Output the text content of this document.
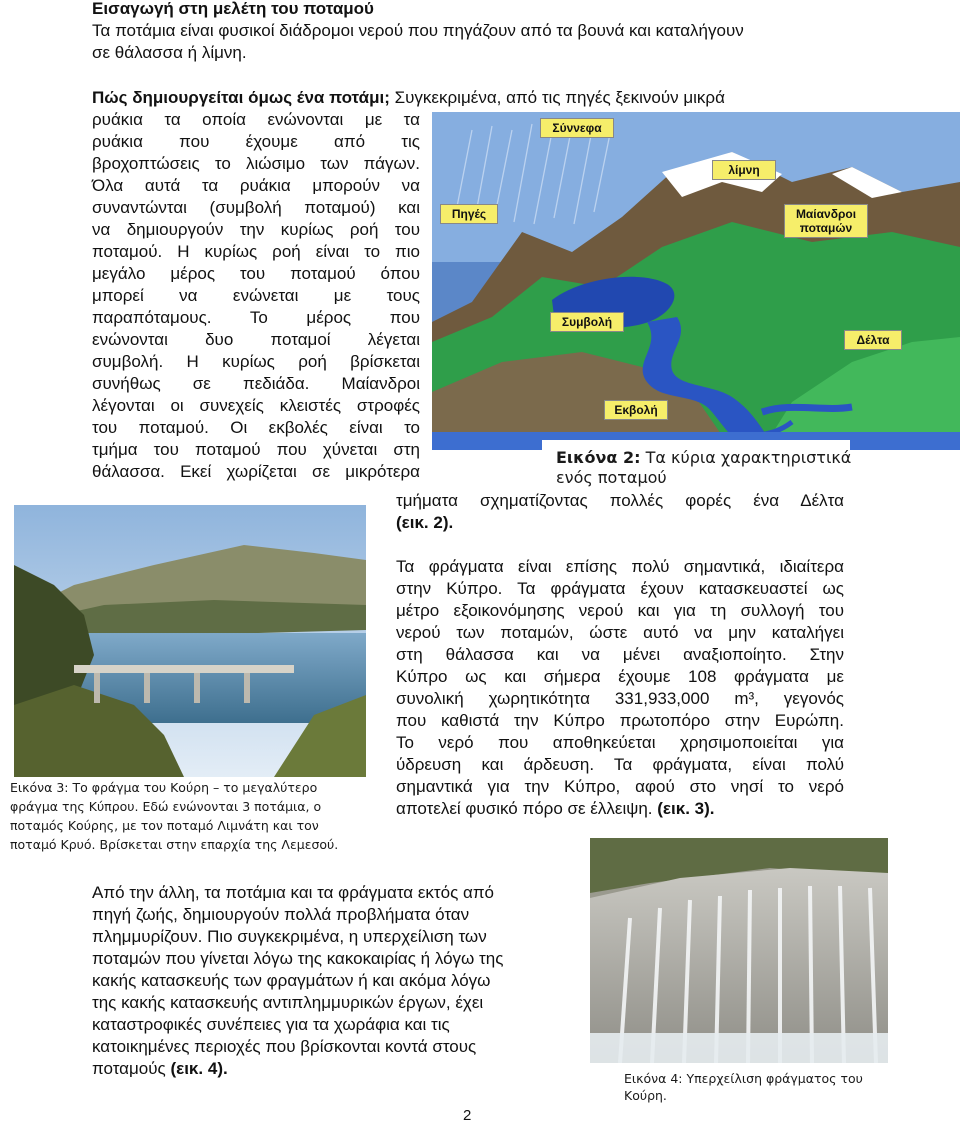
Εισαγωγή στη μελέτη του ποταμού
Τα ποτάμια είναι φυσικοί διάδρομοι νερού που πηγάζουν από τα βουνά και καταλήγουν
σε θάλασσα ή λίμνη.
Πώς δημιουργείται όμως ένα ποτάμι; Συγκεκριμένα, από τις πηγές ξεκινούν μικρά
ρυάκια τα οποία ενώνονται με τα
ρυάκια που έχουμε από τις
βροχοπτώσεις το λιώσιμο των πάγων.
Όλα αυτά τα ρυάκια μπορούν να
συναντώνται (συμβολή ποταμού) και
να δημιουργούν την κυρίως ροή του
ποταμού. Η κυρίως ροή είναι το πιο
μεγάλο μέρος του ποταμού όπου
μπορεί να ενώνεται με τους
παραπόταμους. Το μέρος που
ενώνονται δυο ποταμοί λέγεται
συμβολή. Η κυρίως ροή βρίσκεται
συνήθως σε πεδιάδα. Μαίανδροι
λέγονται οι συνεχείς κλειστές στροφές
του ποταμού. Οι εκβολές είναι το
τμήμα του ποταμού που χύνεται στη
θάλασσα. Εκεί χωρίζεται σε μικρότερα
τμήματα σχηματίζοντας πολλές φορές ένα Δέλτα
(εικ. 2).
Σύννεφα
λίμνη
Πηγές	Μαίανδροι ποταμών
Συμβολή
Δέλτα
Εκβολή
Εικόνα 2: Τα κύρια χαρακτηριστικά
ενός ποταμού
Εικόνα 3: Το φράγμα του Κούρη – το μεγαλύτερο
φράγμα της Κύπρου. Εδώ ενώνονται 3 ποτάμια, ο
ποταμός Κούρης, με τον ποταμό Λιμνάτη και τον
ποταμό Κρυό. Βρίσκεται στην επαρχία της Λεμεσού.
Τα φράγματα είναι επίσης πολύ σημαντικά, ιδιαίτερα
στην Κύπρο. Τα φράγματα έχουν κατασκευαστεί ως
μέτρο εξοικονόμησης νερού και για τη συλλογή του
νερού των ποταμών, ώστε αυτό να μην καταλήγει
στη θάλασσα και να μένει αναξιοποίητο. Στην
Κύπρο ως και σήμερα έχουμε 108 φράγματα με
συνολική χωρητικότητα 331,933,000 m³, γεγονός
που καθιστά την Κύπρο πρωτοπόρο στην Ευρώπη.
Το νερό που αποθηκεύεται χρησιμοποιείται για
ύδρευση και άρδευση. Τα φράγματα, είναι πολύ
σημαντικά για την Κύπρο, αφού στο νησί το νερό
αποτελεί φυσικό πόρο σε έλλειψη. (εικ. 3).
Από την άλλη, τα ποτάμια και τα φράγματα εκτός από
πηγή ζωής, δημιουργούν πολλά προβλήματα όταν
πλημμυρίζουν. Πιο συγκεκριμένα, η υπερχείλιση των
ποταμών που γίνεται λόγω της κακοκαιρίας ή λόγω της
κακής κατασκευής των φραγμάτων ή και ακόμα λόγω
της κακής κατασκευής αντιπλημμυρικών έργων, έχει
καταστροφικές συνέπειες για τα χωράφια και τις
κατοικημένες περιοχές που βρίσκονται κοντά στους
ποταμούς (εικ. 4).
Εικόνα 4: Υπερχείλιση φράγματος του
Κούρη.
2
